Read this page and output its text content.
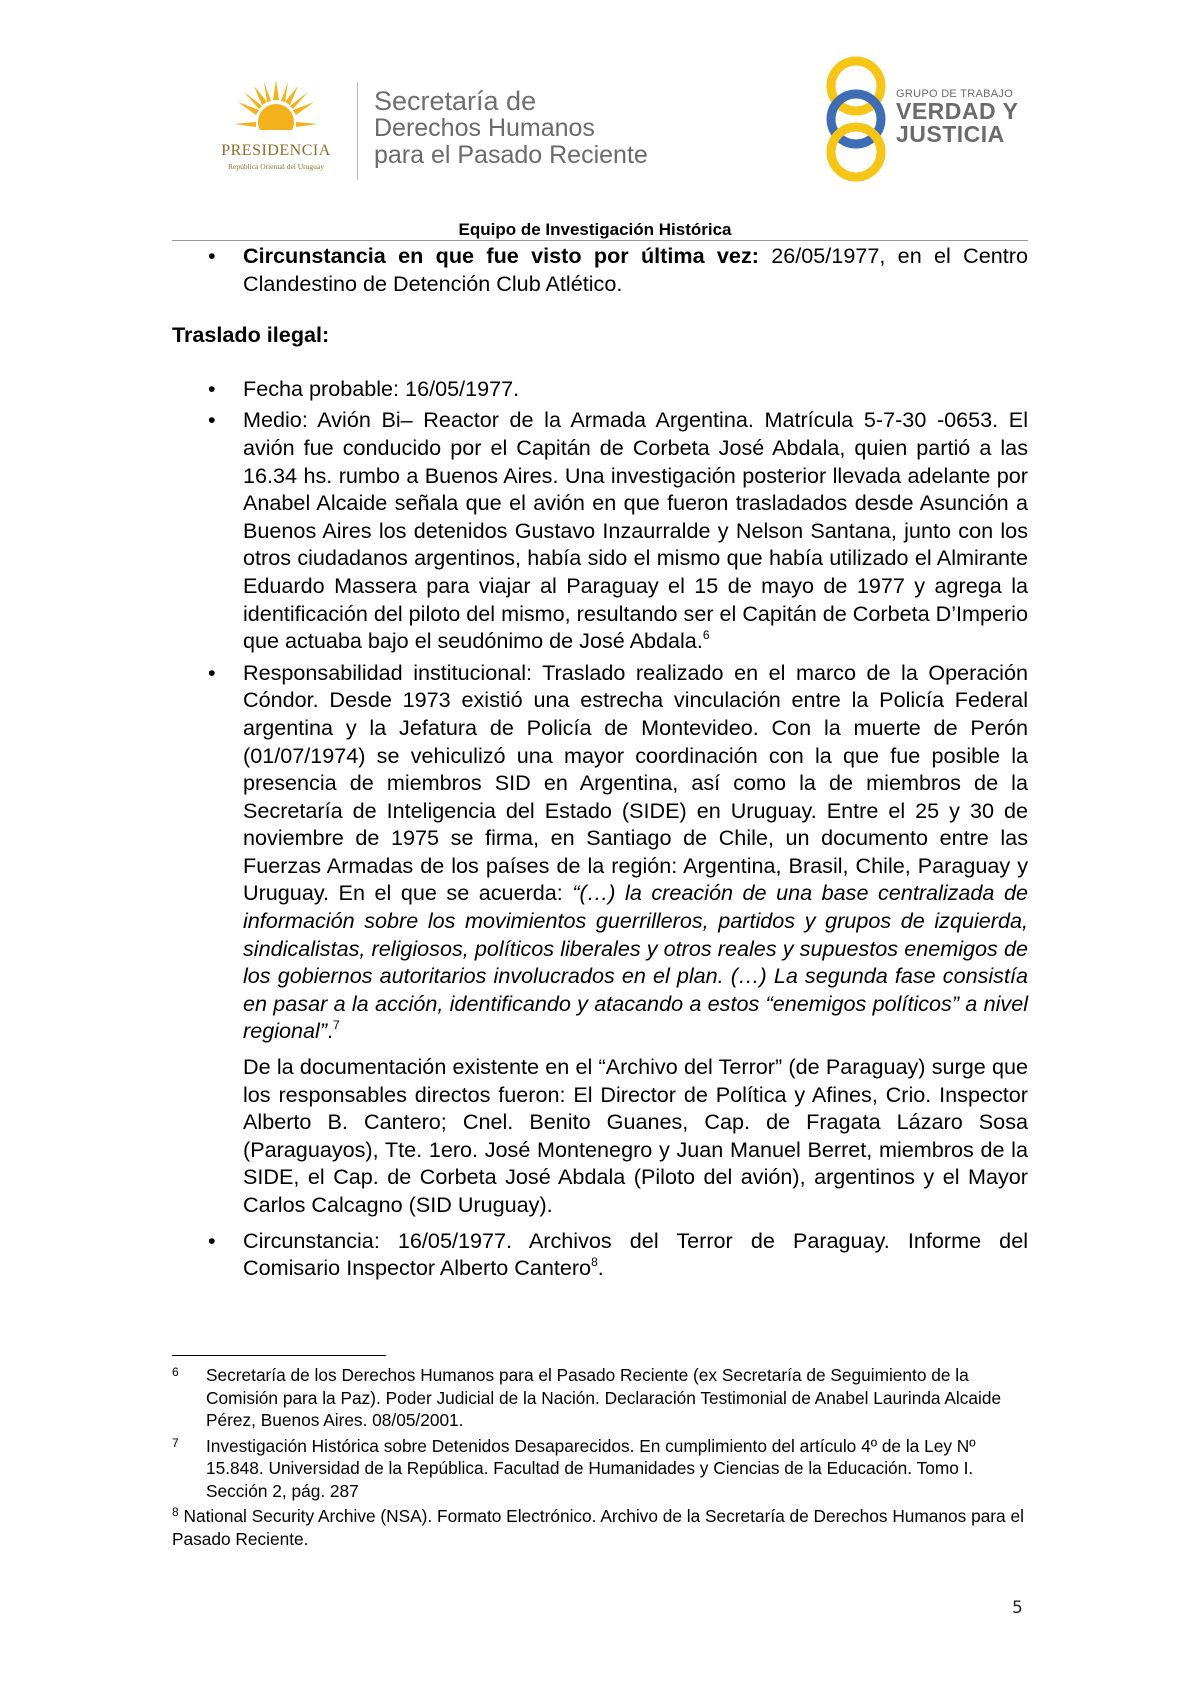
PRESIDENCIA
República Oriental del Uruguay
Secretaría de
Derechos Humanos
para el Pasado Reciente
GRUPO DE TRABAJO
VERDAD Y
JUSTICIA
Equipo de Investigación Histórica
• Circunstancia en que fue visto por última vez: 26/05/1977, en el Centro Clandestino de Detención Club Atlético.
Traslado ilegal:
• Fecha probable: 16/05/1977.
• Medio: Avión Bi– Reactor de la Armada Argentina. Matrícula 5-7-30 -0653. El avión fue conducido por el Capitán de Corbeta José Abdala, quien partió a las 16.34 hs. rumbo a Buenos Aires. Una investigación posterior llevada adelante por Anabel Alcaide señala que el avión en que fueron trasladados desde Asunción a Buenos Aires los detenidos Gustavo Inzaurralde y Nelson Santana, junto con los otros ciudadanos argentinos, había sido el mismo que había utilizado el Almirante Eduardo Massera para viajar al Paraguay el 15 de mayo de 1977 y agrega la identificación del piloto del mismo, resultando ser el Capitán de Corbeta D’Imperio que actuaba bajo el seudónimo de José Abdala.$^6$
• Responsabilidad institucional: Traslado realizado en el marco de la Operación Cóndor. Desde 1973 existió una estrecha vinculación entre la Policía Federal argentina y la Jefatura de Policía de Montevideo. Con la muerte de Perón (01/07/1974) se vehiculizó una mayor coordinación con la que fue posible la presencia de miembros SID en Argentina, así como la de miembros de la Secretaría de Inteligencia del Estado (SIDE) en Uruguay. Entre el 25 y 30 de noviembre de 1975 se firma, en Santiago de Chile, un documento entre las Fuerzas Armadas de los países de la región: Argentina, Brasil, Chile, Paraguay y Uruguay. En el que se acuerda: “(…) la creación de una base centralizada de información sobre los movimientos guerrilleros, partidos y grupos de izquierda, sindicalistas, religiosos, políticos liberales y otros reales y supuestos enemigos de los gobiernos autoritarios involucrados en el plan. (…) La segunda fase consistía en pasar a la acción, identificando y atacando a estos “enemigos políticos” a nivel regional”.$^7$
De la documentación existente en el “Archivo del Terror” (de Paraguay) surge que los responsables directos fueron: El Director de Política y Afines, Crio. Inspector Alberto B. Cantero; Cnel. Benito Guanes, Cap. de Fragata Lázaro Sosa (Paraguayos), Tte. 1ero. José Montenegro y Juan Manuel Berret, miembros de la SIDE, el Cap. de Corbeta José Abdala (Piloto del avión), argentinos y el Mayor Carlos Calcagno (SID Uruguay).
• Circunstancia: 16/05/1977. Archivos del Terror de Paraguay. Informe del Comisario Inspector Alberto Cantero$^8$.
6 Secretaría de los Derechos Humanos para el Pasado Reciente (ex Secretaría de Seguimiento de la Comisión para la Paz). Poder Judicial de la Nación. Declaración Testimonial de Anabel Laurinda Alcaide Pérez, Buenos Aires. 08/05/2001.
7 Investigación Histórica sobre Detenidos Desaparecidos. En cumplimiento del artículo 4º de la Ley Nº 15.848. Universidad de la República. Facultad de Humanidades y Ciencias de la Educación. Tomo I. Sección 2, pág. 287
$^8$ National Security Archive (NSA). Formato Electrónico. Archivo de la Secretaría de Derechos Humanos para el Pasado Reciente.
5
